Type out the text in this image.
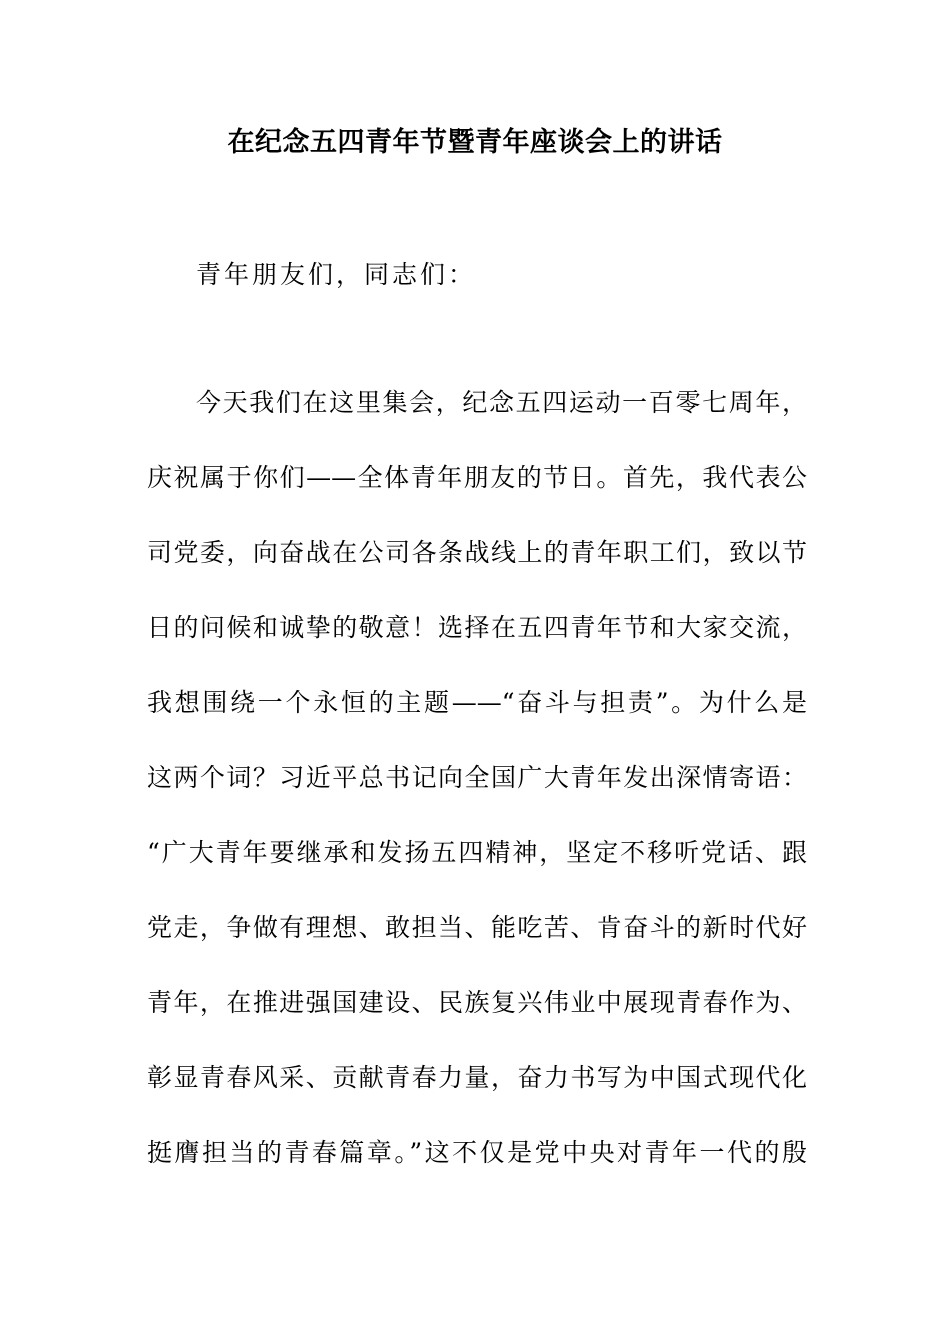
在纪念五四青年节暨青年座谈会上的讲话
青年朋友们，同志们：
今天我们在这里集会，纪念五四运动一百零七周年，
庆祝属于你们——全体青年朋友的节日。首先，我代表公
司党委，向奋战在公司各条战线上的青年职工们，致以节
日的问候和诚挚的敬意！选择在五四青年节和大家交流，
我想围绕一个永恒的主题——“奋斗与担责”。为什么是
这两个词？习近平总书记向全国广大青年发出深情寄语：
“广大青年要继承和发扬五四精神，坚定不移听党话、跟
党走，争做有理想、敢担当、能吃苦、肯奋斗的新时代好
青年，在推进强国建设、民族复兴伟业中展现青春作为、
彰显青春风采、贡献青春力量，奋力书写为中国式现代化
挺膺担当的青春篇章。”这不仅是党中央对青年一代的殷
